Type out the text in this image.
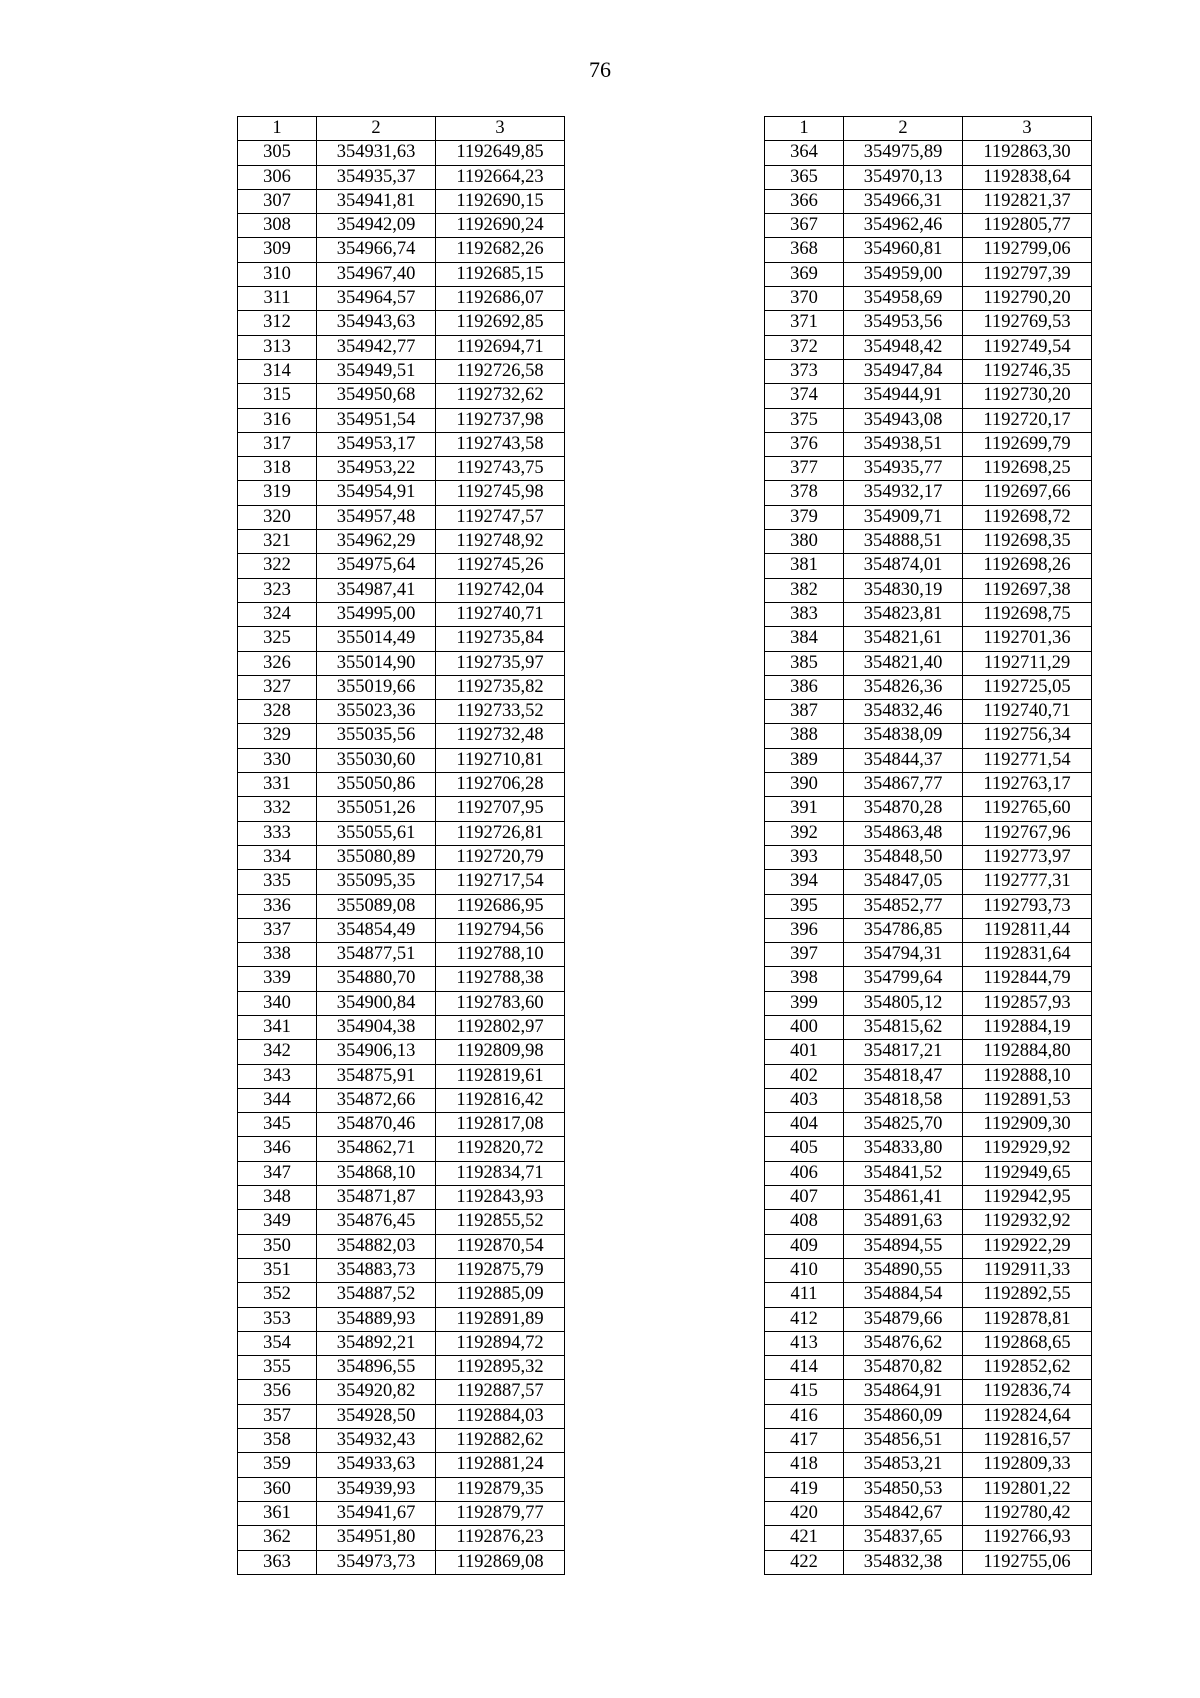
76
1	2	3
305	354931,63	1192649,85
306	354935,37	1192664,23
307	354941,81	1192690,15
308	354942,09	1192690,24
309	354966,74	1192682,26
310	354967,40	1192685,15
311	354964,57	1192686,07
312	354943,63	1192692,85
313	354942,77	1192694,71
314	354949,51	1192726,58
315	354950,68	1192732,62
316	354951,54	1192737,98
317	354953,17	1192743,58
318	354953,22	1192743,75
319	354954,91	1192745,98
320	354957,48	1192747,57
321	354962,29	1192748,92
322	354975,64	1192745,26
323	354987,41	1192742,04
324	354995,00	1192740,71
325	355014,49	1192735,84
326	355014,90	1192735,97
327	355019,66	1192735,82
328	355023,36	1192733,52
329	355035,56	1192732,48
330	355030,60	1192710,81
331	355050,86	1192706,28
332	355051,26	1192707,95
333	355055,61	1192726,81
334	355080,89	1192720,79
335	355095,35	1192717,54
336	355089,08	1192686,95
337	354854,49	1192794,56
338	354877,51	1192788,10
339	354880,70	1192788,38
340	354900,84	1192783,60
341	354904,38	1192802,97
342	354906,13	1192809,98
343	354875,91	1192819,61
344	354872,66	1192816,42
345	354870,46	1192817,08
346	354862,71	1192820,72
347	354868,10	1192834,71
348	354871,87	1192843,93
349	354876,45	1192855,52
350	354882,03	1192870,54
351	354883,73	1192875,79
352	354887,52	1192885,09
353	354889,93	1192891,89
354	354892,21	1192894,72
355	354896,55	1192895,32
356	354920,82	1192887,57
357	354928,50	1192884,03
358	354932,43	1192882,62
359	354933,63	1192881,24
360	354939,93	1192879,35
361	354941,67	1192879,77
362	354951,80	1192876,23
363	354973,73	1192869,08
1	2	3
364	354975,89	1192863,30
365	354970,13	1192838,64
366	354966,31	1192821,37
367	354962,46	1192805,77
368	354960,81	1192799,06
369	354959,00	1192797,39
370	354958,69	1192790,20
371	354953,56	1192769,53
372	354948,42	1192749,54
373	354947,84	1192746,35
374	354944,91	1192730,20
375	354943,08	1192720,17
376	354938,51	1192699,79
377	354935,77	1192698,25
378	354932,17	1192697,66
379	354909,71	1192698,72
380	354888,51	1192698,35
381	354874,01	1192698,26
382	354830,19	1192697,38
383	354823,81	1192698,75
384	354821,61	1192701,36
385	354821,40	1192711,29
386	354826,36	1192725,05
387	354832,46	1192740,71
388	354838,09	1192756,34
389	354844,37	1192771,54
390	354867,77	1192763,17
391	354870,28	1192765,60
392	354863,48	1192767,96
393	354848,50	1192773,97
394	354847,05	1192777,31
395	354852,77	1192793,73
396	354786,85	1192811,44
397	354794,31	1192831,64
398	354799,64	1192844,79
399	354805,12	1192857,93
400	354815,62	1192884,19
401	354817,21	1192884,80
402	354818,47	1192888,10
403	354818,58	1192891,53
404	354825,70	1192909,30
405	354833,80	1192929,92
406	354841,52	1192949,65
407	354861,41	1192942,95
408	354891,63	1192932,92
409	354894,55	1192922,29
410	354890,55	1192911,33
411	354884,54	1192892,55
412	354879,66	1192878,81
413	354876,62	1192868,65
414	354870,82	1192852,62
415	354864,91	1192836,74
416	354860,09	1192824,64
417	354856,51	1192816,57
418	354853,21	1192809,33
419	354850,53	1192801,22
420	354842,67	1192780,42
421	354837,65	1192766,93
422	354832,38	1192755,06
